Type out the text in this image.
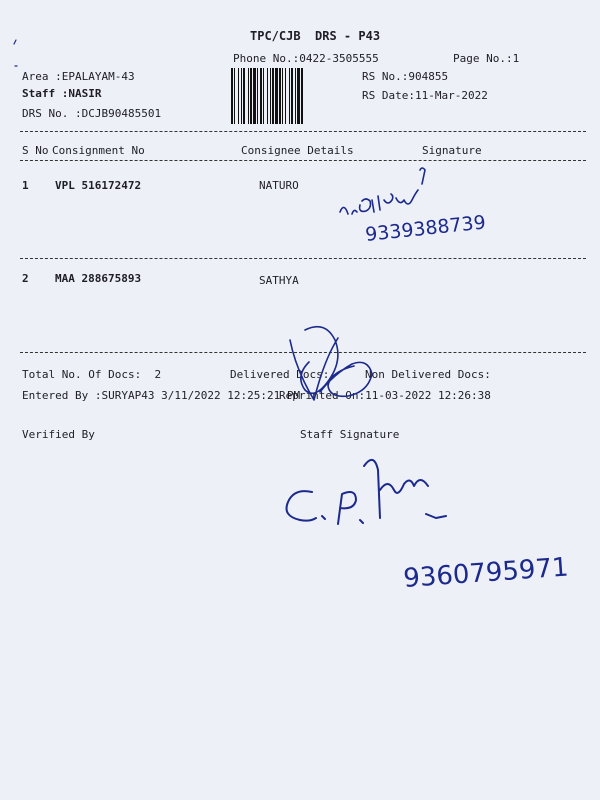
TPC/CJB  DRS - P43
Phone No.:0422-3505555	Page No.:1
Area :EPALAYAM-43
Staff :NASIR
DRS No. :DCJB90485501
RS No.:904855
RS Date:11-Mar-2022
S No Consignment No	Consignee Details	Signature
1 VPL 516172472	NATURO
2 MAA 288675893	SATHYA
Total No. Of Docs:  2	Delivered Docs:	Non Delivered Docs:
Entered By :SURYAP43 3/11/2022 12:25:21 PM
Reprinted On:11-03-2022 12:26:38
Verified By	Staff Signature
9339388739
9360795971
